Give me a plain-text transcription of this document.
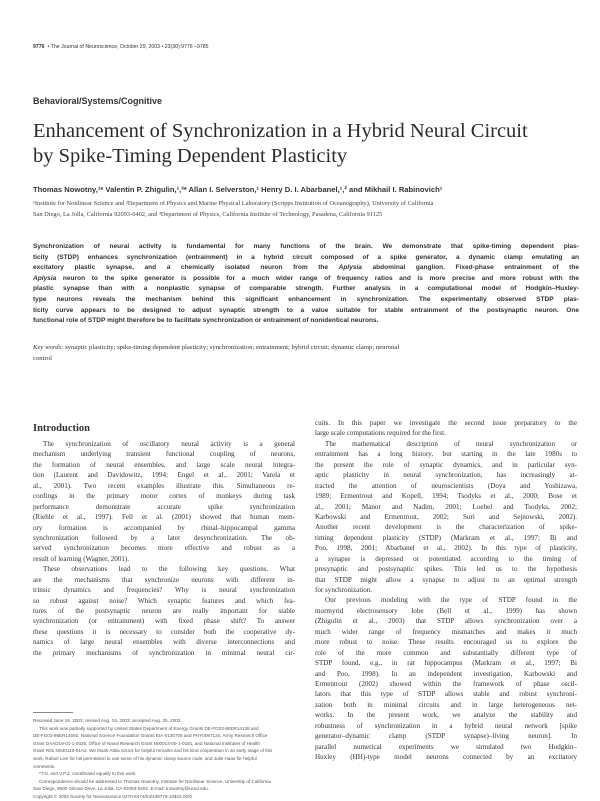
9776 • The Journal of Neuroscience, October 29, 2003 • 23(30):9776 –9785
Behavioral/Systems/Cognitive
Enhancement of Synchronization in a Hybrid Neural Circuit
by Spike-Timing Dependent Plasticity
Thomas Nowotny,¹* Valentin P. Zhigulin,¹,³* Allan I. Selverston,¹ Henry D. I. Abarbanel,¹,² and Mikhail I. Rabinovich¹
¹Institute for Nonlinear Science and ²Department of Physics and Marine Physical Laboratory (Scripps Institution of Oceanography), University of California
San Diego, La Jolla, California 92093-0402, and ³Department of Physics, California Institute of Technology, Pasadena, California 91125
Synchronization of neural activity is fundamental for many functions of the brain. We demonstrate that spike-timing dependent plas-
ticity (STDP) enhances synchronization (entrainment) in a hybrid circuit composed of a spike generator, a dynamic clamp emulating an
excitatory plastic synapse, and a chemically isolated neuron from the Aplysia abdominal ganglion. Fixed-phase entrainment of the
Aplysia neuron to the spike generator is possible for a much wider range of frequency ratios and is more precise and more robust with the
plastic synapse than with a nonplastic synapse of comparable strength. Further analysis in a computational model of Hodgkin–Huxley-
type neurons reveals the mechanism behind this significant enhancement in synchronization. The experimentally observed STDP plas-
ticity curve appears to be designed to adjust synaptic strength to a value suitable for stable entrainment of the postsynaptic neuron. One
functional role of STDP might therefore be to facilitate synchronization or entrainment of nonidentical neurons.
Key words: synaptic plasticity; spike-timing dependent plasticity; synchronization; entrainment; hybrid circuit; dynamic clamp; neuronal
control
Introduction
The synchronization of oscillatory neural activity is a general
mechanism underlying transient functional coupling of neurons,
the formation of neural ensembles, and large scale neural integra-
tion (Laurent and Davidowitz, 1994; Engel et al., 2001; Varela et
al., 2001). Two recent examples illustrate this. Simultaneous re-
cordings in the primary motor cortex of monkeys during task
performance demonstrate accurate spike synchronization
(Riehle et al., 1997). Fell et al. (2001) showed that human mem-
ory formation is accompanied by rhinal–hippocampal gamma
synchronization followed by a later desynchronization. The ob-
served synchronization becomes more effective and robust as a
result of learning (Wagner, 2001).
These observations lead to the following key questions. What
are the mechanisms that synchronize neurons with different in-
trinsic dynamics and frequencies? Why is neural synchronization
so robust against noise? Which synaptic features and which fea-
tures of the postsynaptic neuron are really important for stable
synchronization (or entrainment) with fixed phase shift? To answer
these questions it is necessary to consider both the cooperative dy-
namics of large neural ensembles with diverse interconnections and
the primary mechanisms of synchronization in minimal neural cir-
cuits. In this paper we investigate the second issue preparatory to the
large scale computations required for the first.
The mathematical description of neural synchronization or
entrainment has a long history, but starting in the late 1980s to
the present the role of synaptic dynamics, and in particular syn-
aptic plasticity in neural synchronization, has increasingly at-
tracted the attention of neuroscientists (Doya and Yoshizawa,
1989; Ermentrout and Kopell, 1994; Tsodyks et al., 2000; Bose et
al., 2001; Manor and Nadim, 2001; Loebel and Tsodyks, 2002;
Karbowski and Ermentrout, 2002; Suri and Sejnowski, 2002).
Another recent development is the characterization of spike-
timing dependent plasticity (STDP) (Markram et al., 1997; Bi and
Poo, 1998, 2001; Abarbanel et al., 2002). In this type of plasticity,
a synapse is depressed or potentiated according to the timing of
presynaptic and postsynaptic spikes. This led us to the hypothesis
that STDP might allow a synapse to adjust to an optimal strength
for synchronization.
Our previous modeling with the type of STDP found in the
mormyrid electrosensory lobe (Bell et al., 1999) has shown
(Zhigulin et al., 2003) that STDP allows synchronization over a
much wider range of frequency mismatches and makes it much
more robust to noise. These results encouraged us to explore the
role of the more common and substantially different type of
STDP found, e.g., in rat hippocampus (Markram et al., 1997; Bi
and Poo, 1998). In an independent investigation, Karbowski and
Ermentrout (2002) showed within the framework of phase oscil-
lators that this type of STDP allows stable and robust synchroni-
zation both in minimal circuits and in large heterogeneous net-
works. In the present work, we analyze the stability and
robustness of synchronization in a hybrid neural network [spike
generator–dynamic clamp (STDP synapse)–living neuron]. In
parallel numerical experiments we simulated two Hodgkin–
Huxley (HH)-type model neurons connected by an excitatory
Received June 16, 2003; revised Aug. 19, 2003; accepted Aug. 25, 2003.
This work was partially supported by United States Department of Energy Grants DE-FG03-90ER14138 and
DE-FG03-96ER14592, National Science Foundation Grants EIA-0130708 and PHY0097134, Army Research Office
Grant DAAD19-01-1-0026, Office of Naval Research Grant N00014-00-1-0181, and National Institutes of Health
Grant R01 NS40110-01A2. We thank Attila Szücs for helpful remarks and his kind cooperation in an early stage of this
work, Rafael Levi for his permission to use some of his dynamic clamp source code, and Julie Haas for helpful
comments.
*T.N. and V.P.Z. contributed equally to this work.
Correspondence should be addressed to Thomas Nowotny, Institute for Nonlinear Science, University of California
San Diego, 9500 Gilman Drive, La Jolla, CA 92093-0402. E-mail: tnowotny@ucsd.edu.
Copyright © 2003 Society for Neuroscience 0270-6474/03/239776-10$15.00/0
